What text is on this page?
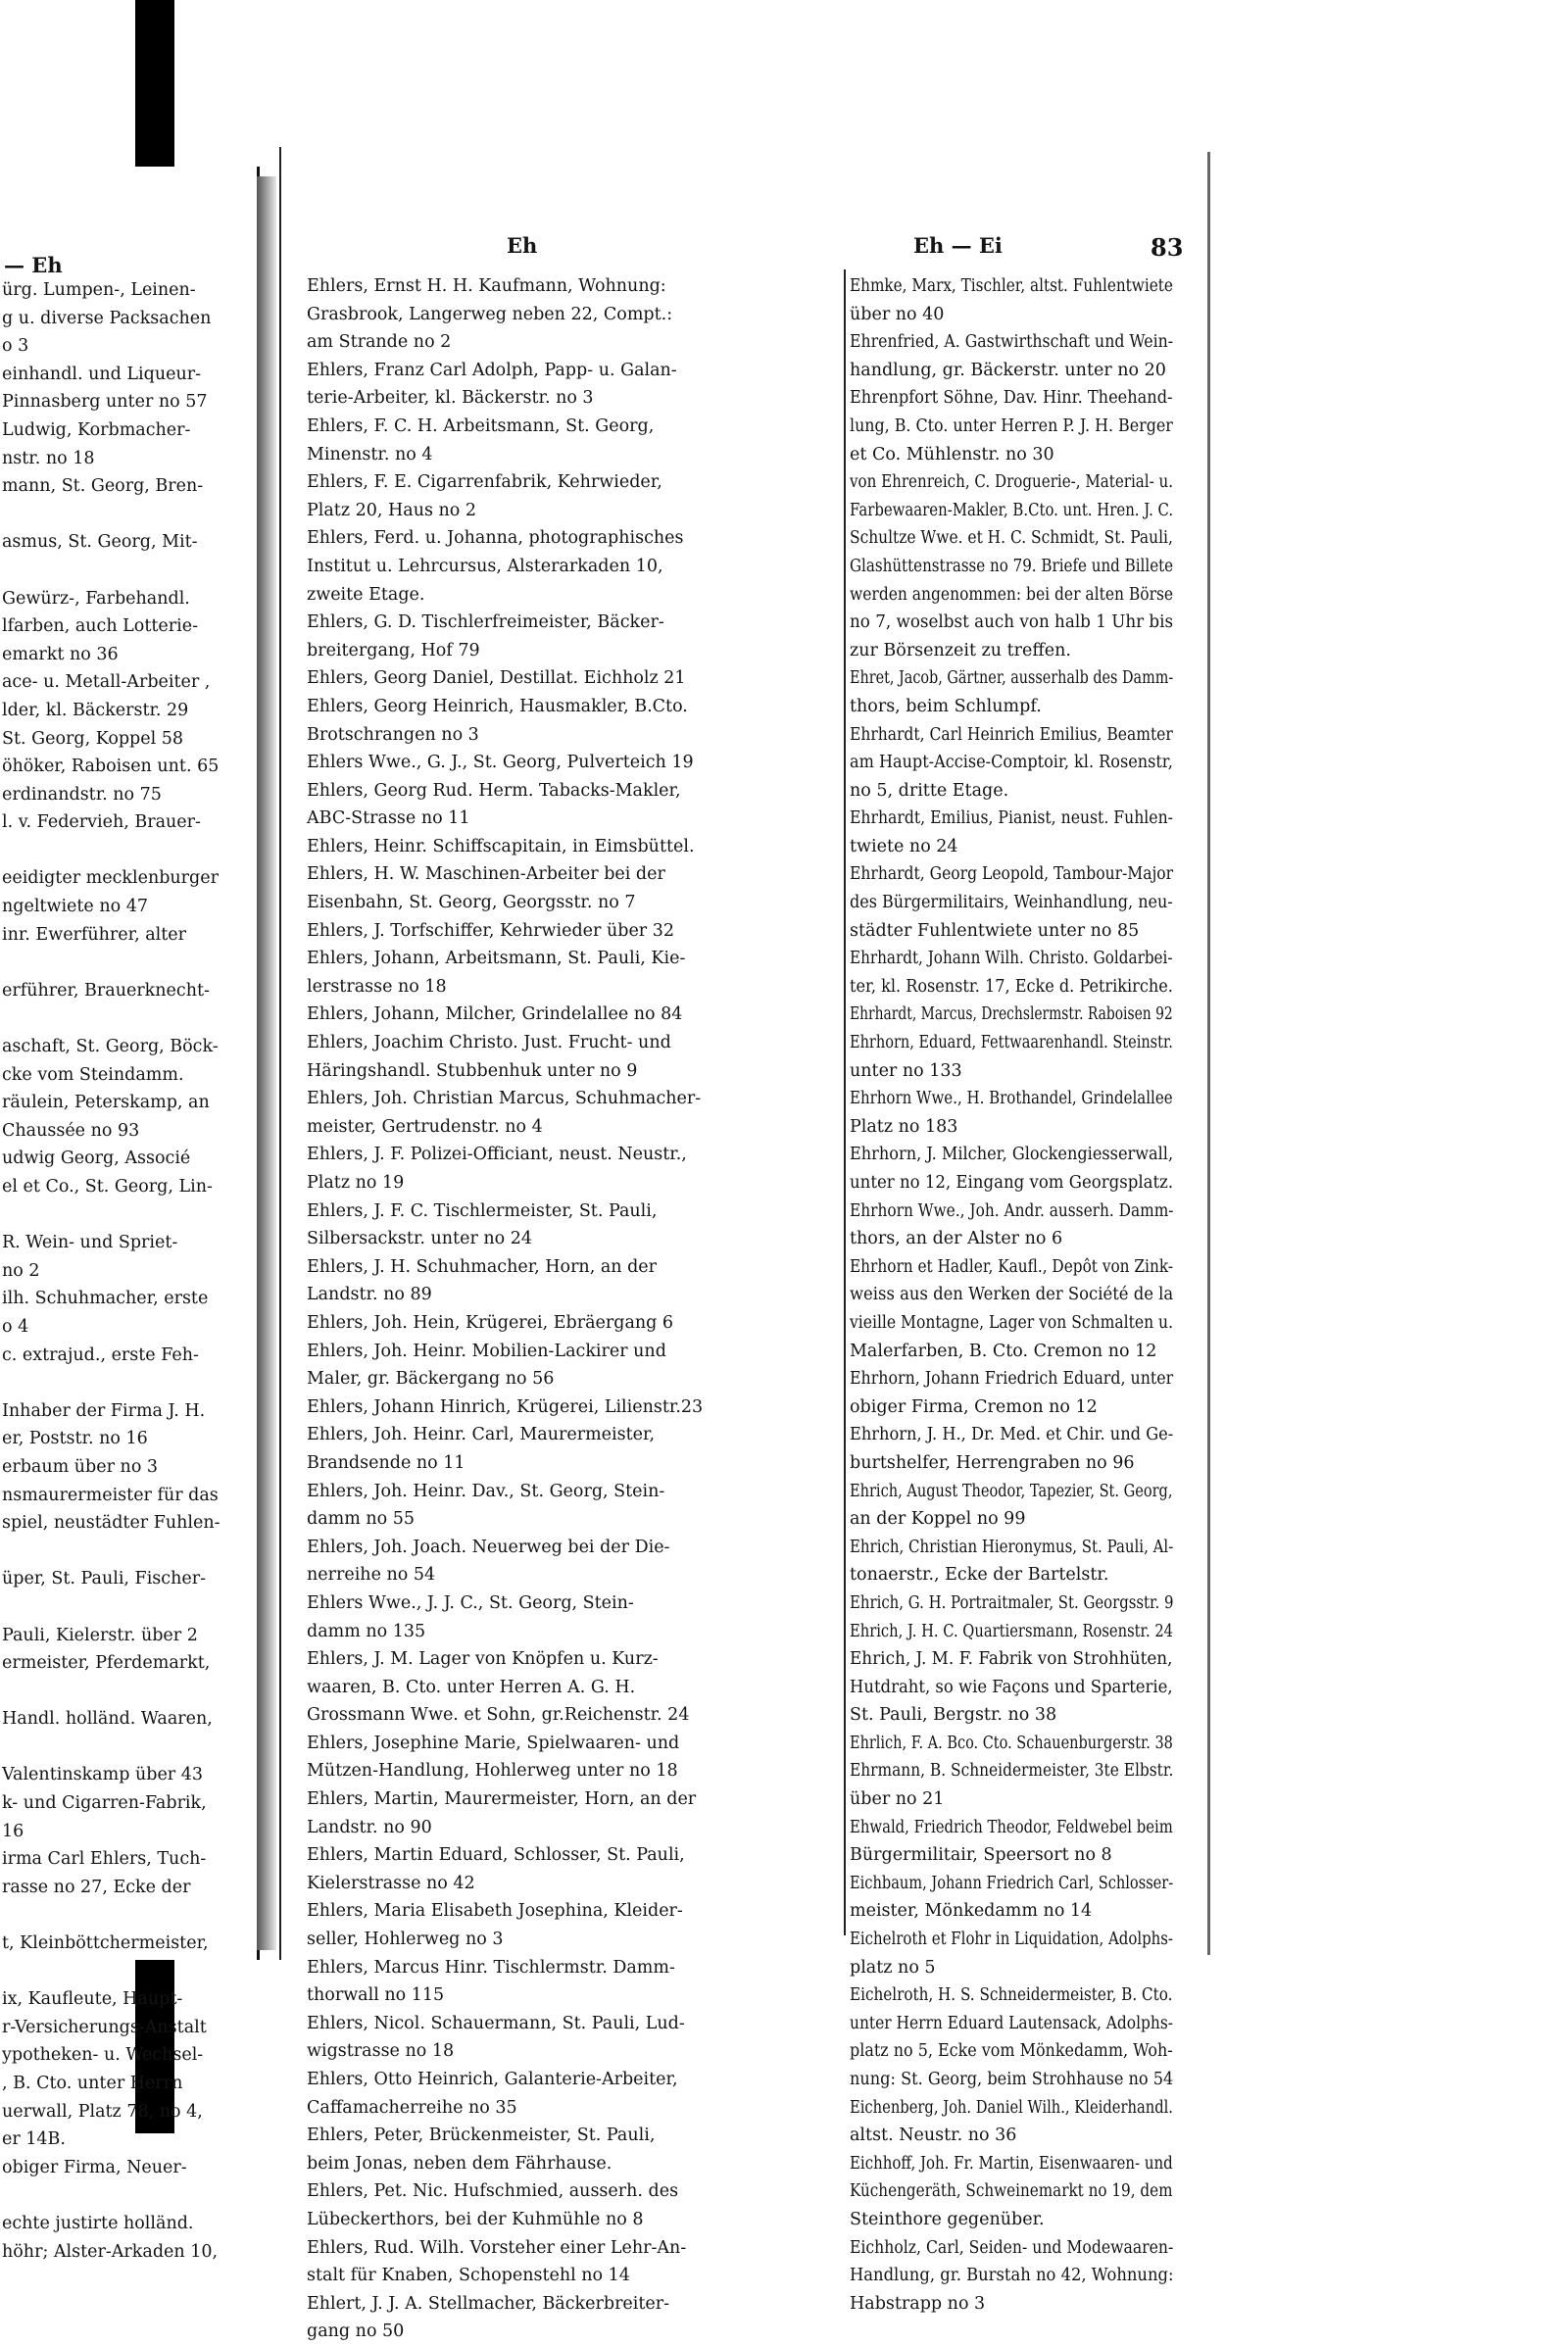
— Eh
ürg. Lumpen-, Leinen-
g u. diverse Packsachen
o 3
einhandl. und Liqueur-
Pinnasberg unter no 57
Ludwig, Korbmacher-
nstr. no 18
mann, St. Georg, Bren-
asmus, St. Georg, Mit-
Gewürz-, Farbehandl.
lfarben, auch Lotterie-
emarkt no 36
ace- u. Metall-Arbeiter ,
lder, kl. Bäckerstr. 29
St. Georg, Koppel 58
öhöker, Raboisen unt. 65
erdinandstr. no 75
l. v. Federvieh, Brauer-
eeidigter mecklenburger
ngeltwiete no 47
inr. Ewerführer, alter
erführer, Brauerknecht-
aschaft, St. Georg, Böck-
cke vom Steindamm.
räulein, Peterskamp, an
Chaussée no 93
udwig Georg, Associé
el et Co., St. Georg, Lin-
R. Wein- und Spriet-
no 2
ilh. Schuhmacher, erste
o 4
c. extrajud., erste Feh-
Inhaber der Firma J. H.
er, Poststr. no 16
erbaum über no 3
nsmaurermeister für das
spiel, neustädter Fuhlen-
üper, St. Pauli, Fischer-
Pauli, Kielerstr. über 2
ermeister, Pferdemarkt,
Handl. holländ. Waaren,
Valentinskamp über 43
k- und Cigarren-Fabrik,
16
irma Carl Ehlers, Tuch-
rasse no 27, Ecke der
t, Kleinböttchermeister,
ix, Kaufleute, Haupt-
r-Versicherungs-Anstalt
ypotheken- u. Wechsel-
, B. Cto. unter Herrn
uerwall, Platz 78, no 4,
er 14B.
obiger Firma, Neuer-
echte justirte holländ.
höhr; Alster-Arkaden 10,
Eh	Eh — Ei	83
Ehlers, Ernst H. H. Kaufmann, Wohnung:
Grasbrook, Langerweg neben 22, Compt.:
am Strande no 2
Ehlers, Franz Carl Adolph, Papp- u. Galan-
terie-Arbeiter, kl. Bäckerstr. no 3
Ehlers, F. C. H. Arbeitsmann, St. Georg,
Minenstr. no 4
Ehlers, F. E. Cigarrenfabrik, Kehrwieder,
Platz 20, Haus no 2
Ehlers, Ferd. u. Johanna, photographisches
Institut u. Lehrcursus, Alsterarkaden 10,
zweite Etage.
Ehlers, G. D. Tischlerfreimeister, Bäcker-
breitergang, Hof 79
Ehlers, Georg Daniel, Destillat. Eichholz 21
Ehlers, Georg Heinrich, Hausmakler, B.Cto.
Brotschrangen no 3
Ehlers Wwe., G. J., St. Georg, Pulverteich 19
Ehlers, Georg Rud. Herm. Tabacks-Makler,
ABC-Strasse no 11
Ehlers, Heinr. Schiffscapitain, in Eimsbüttel.
Ehlers, H. W. Maschinen-Arbeiter bei der
Eisenbahn, St. Georg, Georgsstr. no 7
Ehlers, J. Torfschiffer, Kehrwieder über 32
Ehlers, Johann, Arbeitsmann, St. Pauli, Kie-
lerstrasse no 18
Ehlers, Johann, Milcher, Grindelallee no 84
Ehlers, Joachim Christo. Just. Frucht- und
Häringshandl. Stubbenhuk unter no 9
Ehlers, Joh. Christian Marcus, Schuhmacher-
meister, Gertrudenstr. no 4
Ehlers, J. F. Polizei-Officiant, neust. Neustr.,
Platz no 19
Ehlers, J. F. C. Tischlermeister, St. Pauli,
Silbersackstr. unter no 24
Ehlers, J. H. Schuhmacher, Horn, an der
Landstr. no 89
Ehlers, Joh. Hein, Krügerei, Ebräergang 6
Ehlers, Joh. Heinr. Mobilien-Lackirer und
Maler, gr. Bäckergang no 56
Ehlers, Johann Hinrich, Krügerei, Lilienstr.23
Ehlers, Joh. Heinr. Carl, Maurermeister,
Brandsende no 11
Ehlers, Joh. Heinr. Dav., St. Georg, Stein-
damm no 55
Ehlers, Joh. Joach. Neuerweg bei der Die-
nerreihe no 54
Ehlers Wwe., J. J. C., St. Georg, Stein-
damm no 135
Ehlers, J. M. Lager von Knöpfen u. Kurz-
waaren, B. Cto. unter Herren A. G. H.
Grossmann Wwe. et Sohn, gr.Reichenstr. 24
Ehlers, Josephine Marie, Spielwaaren- und
Mützen-Handlung, Hohlerweg unter no 18
Ehlers, Martin, Maurermeister, Horn, an der
Landstr. no 90
Ehlers, Martin Eduard, Schlosser, St. Pauli,
Kielerstrasse no 42
Ehlers, Maria Elisabeth Josephina, Kleider-
seller, Hohlerweg no 3
Ehlers, Marcus Hinr. Tischlermstr. Damm-
thorwall no 115
Ehlers, Nicol. Schauermann, St. Pauli, Lud-
wigstrasse no 18
Ehlers, Otto Heinrich, Galanterie-Arbeiter,
Caffamacherreihe no 35
Ehlers, Peter, Brückenmeister, St. Pauli,
beim Jonas, neben dem Fährhause.
Ehlers, Pet. Nic. Hufschmied, ausserh. des
Lübeckerthors, bei der Kuhmühle no 8
Ehlers, Rud. Wilh. Vorsteher einer Lehr-An-
stalt für Knaben, Schopenstehl no 14
Ehlert, J. J. A. Stellmacher, Bäckerbreiter-
gang no 50
Ehmke, Marx, Tischler, altst. Fuhlentwiete
über no 40
Ehrenfried, A. Gastwirthschaft und Wein-
handlung, gr. Bäckerstr. unter no 20
Ehrenpfort Söhne, Dav. Hinr. Theehand-
lung, B. Cto. unter Herren P. J. H. Berger
et Co. Mühlenstr. no 30
von Ehrenreich, C. Droguerie-, Material- u.
Farbewaaren-Makler, B.Cto. unt. Hren. J. C.
Schultze Wwe. et H. C. Schmidt, St. Pauli,
Glashüttenstrasse no 79. Briefe und Billete
werden angenommen: bei der alten Börse
no 7, woselbst auch von halb 1 Uhr bis
zur Börsenzeit zu treffen.
Ehret, Jacob, Gärtner, ausserhalb des Damm-
thors, beim Schlumpf.
Ehrhardt, Carl Heinrich Emilius, Beamter
am Haupt-Accise-Comptoir, kl. Rosenstr,
no 5, dritte Etage.
Ehrhardt, Emilius, Pianist, neust. Fuhlen-
twiete no 24
Ehrhardt, Georg Leopold, Tambour-Major
des Bürgermilitairs, Weinhandlung, neu-
städter Fuhlentwiete unter no 85
Ehrhardt, Johann Wilh. Christo. Goldarbei-
ter, kl. Rosenstr. 17, Ecke d. Petrikirche.
Ehrhardt, Marcus, Drechslermstr. Raboisen 92
Ehrhorn, Eduard, Fettwaarenhandl. Steinstr.
unter no 133
Ehrhorn Wwe., H. Brothandel, Grindelallee
Platz no 183
Ehrhorn, J. Milcher, Glockengiesserwall,
unter no 12, Eingang vom Georgsplatz.
Ehrhorn Wwe., Joh. Andr. ausserh. Damm-
thors, an der Alster no 6
Ehrhorn et Hadler, Kaufl., Depôt von Zink-
weiss aus den Werken der Société de la
vieille Montagne, Lager von Schmalten u.
Malerfarben, B. Cto. Cremon no 12
Ehrhorn, Johann Friedrich Eduard, unter
obiger Firma, Cremon no 12
Ehrhorn, J. H., Dr. Med. et Chir. und Ge-
burtshelfer, Herrengraben no 96
Ehrich, August Theodor, Tapezier, St. Georg,
an der Koppel no 99
Ehrich, Christian Hieronymus, St. Pauli, Al-
tonaerstr., Ecke der Bartelstr.
Ehrich, G. H. Portraitmaler, St. Georgsstr. 9
Ehrich, J. H. C. Quartiersmann, Rosenstr. 24
Ehrich, J. M. F. Fabrik von Strohhüten,
Hutdraht, so wie Façons und Sparterie,
St. Pauli, Bergstr. no 38
Ehrlich, F. A. Bco. Cto. Schauenburgerstr. 38
Ehrmann, B. Schneidermeister, 3te Elbstr.
über no 21
Ehwald, Friedrich Theodor, Feldwebel beim
Bürgermilitair, Speersort no 8
Eichbaum, Johann Friedrich Carl, Schlosser-
meister, Mönkedamm no 14
Eichelroth et Flohr in Liquidation, Adolphs-
platz no 5
Eichelroth, H. S. Schneidermeister, B. Cto.
unter Herrn Eduard Lautensack, Adolphs-
platz no 5, Ecke vom Mönkedamm, Woh-
nung: St. Georg, beim Strohhause no 54
Eichenberg, Joh. Daniel Wilh., Kleiderhandl.
altst. Neustr. no 36
Eichhoff, Joh. Fr. Martin, Eisenwaaren- und
Küchengeräth, Schweinemarkt no 19, dem
Steinthore gegenüber.
Eichholz, Carl, Seiden- und Modewaaren-
Handlung, gr. Burstah no 42, Wohnung:
Habstrapp no 3
